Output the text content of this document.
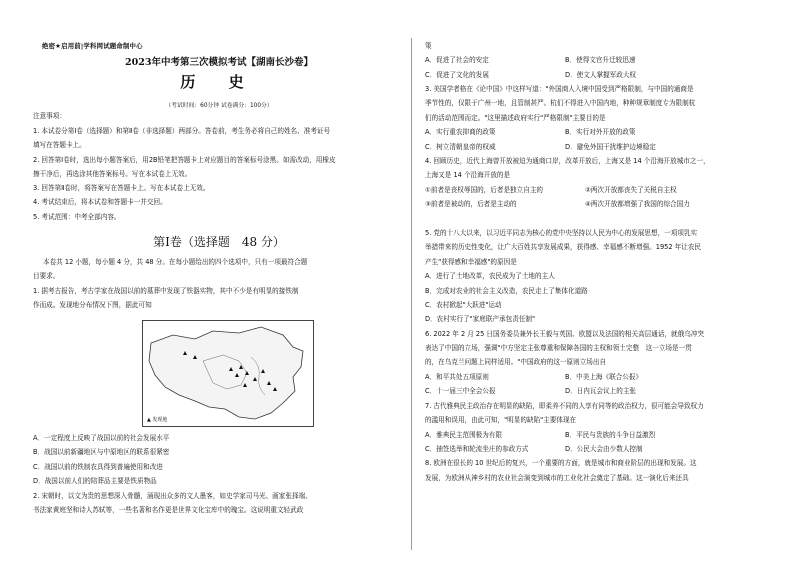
绝密★启用前|学科网试题命制中心
2023年中考第三次模拟考试【湖南长沙卷】
历 史
（考试时间：60分钟 试卷满分：100分）
注意事项：
1. 本试卷分第Ⅰ卷（选择题）和第Ⅱ卷（非选择题）两部分。答卷前，考生务必将自己的姓名、准考证号
填写在答题卡上。
2. 回答第Ⅰ卷时，选出每小题答案后，用2B铅笔把答题卡上对应题目的答案标号涂黑。如需改动，用橡皮
擦干净后，再选涂其他答案标号。写在本试卷上无效。
3. 回答第Ⅱ卷时，将答案写在答题卡上。写在本试卷上无效。
4. 考试结束后，将本试卷和答题卡一并交回。
5. 考试范围：中考全部内容。
第Ⅰ卷（选择题　48 分）
本卷共 12 小题，每小题 4 分，共 48 分。在每小题给出的四个选项中，只有一项最符合题
目要求。
1. 据考古报告，考古学家在战国以前的墓葬中发现了铁器实物，其中不少是有明显的接铁制
作而成。发现地分布情况下图，据此可知
A．一定程度上反映了战国以前的社会发展水平
B．战国以前新疆地区与中原地区的联系很紧密
C．战国以前的铁制农具得到普遍使用和改进
D．战国以前人们的陪葬品主要是铁质物品
2. 宋朝时，以文为贵的思想深入骨髓，涌现出众多的文人墨客，如史学家司马光、画家张择端、
书法家黄庭坚和诗人苏轼等，一些名著和名作更是世界文化宝库中的瑰宝。这说明重文轻武政
▲ 发现地
策
A．促进了社会的安定	B．使得文官升迁较迅速
C．促进了文化的发展	D．使文人掌握军政大权
3. 美国学者格在《论中国》中这样写道："外国商人入境中国受到严格限制，与中国的通商是
季节性的，仅限于广州一地，且管制甚严。杭们不得进入中国内地，种种规章制度专为限制杭
们的活动范围而定。"这里描述政府实行"严格限制"主要目的是
A．实行重农抑商的政策	B．实行对外开放的政策
C．树立清朝皇帝的权威	D．避免外国干扰维护边境稳定
4. 回顾历史，近代上海曾开放被迫为通商口岸，改革开放后，上海又是 14 个沿海开放城市之一，
上海又是 14 个沿海开放的是
①前者是丧权辱国的，后者是独立自主的	②两次开放都丧失了关税自主权
③前者是被动的，后者是主动的	④两次开放都增强了我国的综合国力
5. 党的十八大以来，以习近平同志为核心的党中央坚持以人民为中心的发展思想，一项项乳实
举措带来的历史性变化，让广大百姓共享发展成果，获得感、幸福感不断增强。1952 年让农民
产生"获得感和幸福感"的原因是
A．进行了土地改革，农民成为了土地的主人
B．完成对农业的社会主义改造，农民走上了集体化道路
C．农村掀起"大跃进"运动
D．农村实行了"家庭联产承包责任制"
6. 2022 年 2 月 25 日国务委员兼外长王毅与英国、欧盟以及法国的相关高层通话，就俄乌冲突
表达了中国的立场，强调"中方坚定主张尊重和保障各国的主权和领土完整　这一立场是一贯
的，在乌克兰问题上同样适用。"中国政府的这一原则立场出自
A．和平共处五项原则	B．中美上海《联合公报》
C．十一届三中全会公报	D．日内瓦会议上的主张
7. 古代雅典民主政治存在明显的缺陷，即柔养不同的人享有同等的政治权力，很可能会导致权力
的滥用和误用，由此可知，"明显的缺陷"主要体现在
A．雅典民主范围极为有限	B．平民与贵族的斗争日益激烈
C．抽签选举和轮流坐庄的参政方式	D．公民大会由少数人控制
8. 欧洲在很长的 10 世纪后的复兴，一个重要的方面，就是城市和商业阶层的出现和发展。这
发展，为欧洲从神乡村的农业社会演变到城市的工业化社会奠定了基础。这一演化后来还具
